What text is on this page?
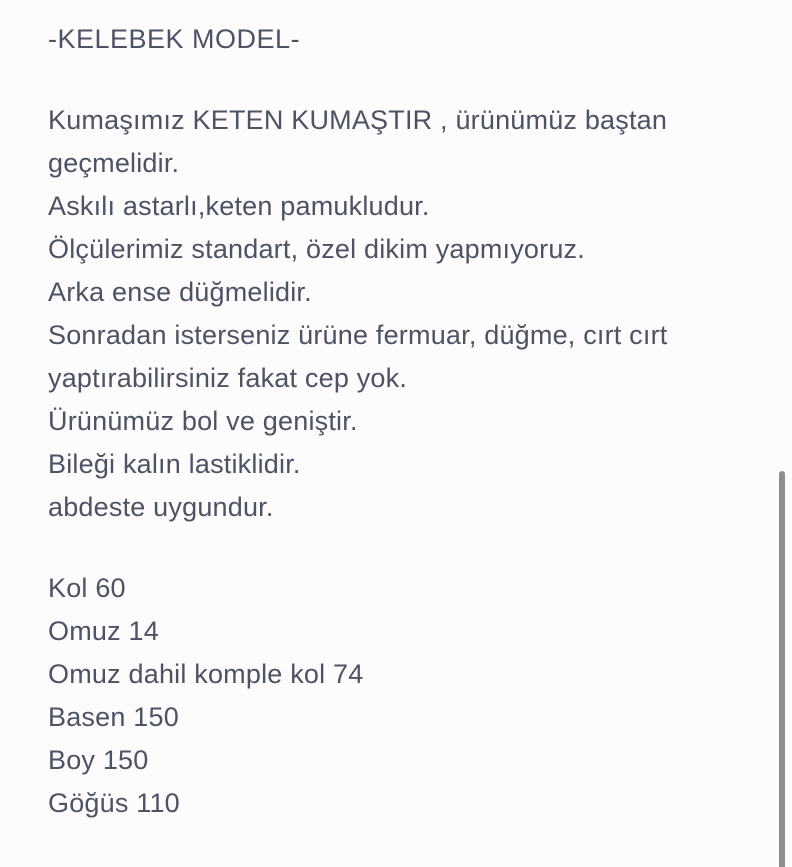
-KELEBEK MODEL-
Kumaşımız KETEN KUMAŞTIR , ürünümüz baştan
geçmelidir.
Askılı astarlı,keten pamukludur.
Ölçülerimiz standart, özel dikim yapmıyoruz.
Arka ense düğmelidir.
Sonradan isterseniz ürüne fermuar, düğme, cırt cırt
yaptırabilirsiniz fakat cep yok.
Ürünümüz bol ve geniştir.
Bileği kalın lastiklidir.
abdeste uygundur.
Kol 60
Omuz 14
Omuz dahil komple kol 74
Basen 150
Boy 150
Göğüs 110
